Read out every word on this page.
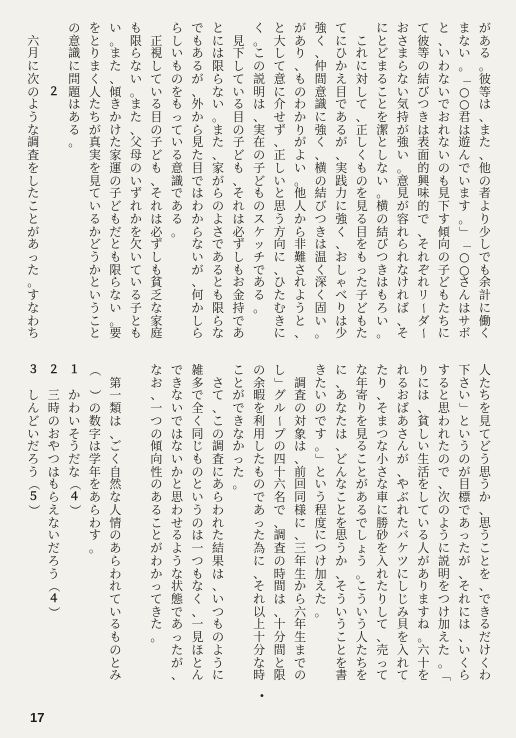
が
あ
る
。
彼
等
は
、
ま
た
、
他
の
者
よ
り
少
し
で
も
余
計
に
働
く
ま
な
い
。
「
○
○
君
は
遊
ん
で
い
ま
す
。
」
「
○
○
さ
ん
は
サ
ボ
と
、
い
わ
な
い
で
お
れ
な
い
の
も
見
下
す
傾
向
の
子
ど
も
た
ち
に
て
彼
等
の
結
び
つ
き
は
表
面
的
興
味
的
で
、
そ
れ
ぞ
れ
リ
ー
ダ
ー
お
さ
ま
ら
な
い
気
持
が
強
い
。
意
見
が
容
れ
ら
れ
な
け
れ
ば
、
そ
に
と
ど
ま
る
こ
と
を
潔
と
し
な
い
。
横
の
結
び
つ
き
は
も
ろ
い
。
こ
れ
に
対
し
て
、
正
し
く
も
の
を
見
る
目
を
も
っ
た
子
ど
も
た
て
に
ひ
か
え
目
で
あ
る
が
、
実
践
力
に
強
く
、
お
し
ゃ
べ
り
は
少
強
く
、
仲
間
意
識
に
強
く
、
横
の
結
び
つ
き
は
温
く
深
く
固
い
。
が
あ
り
、
も
の
わ
か
り
が
よ
い
。
他
人
か
ら
非
難
さ
れ
よ
う
と
、
と
大
し
て
意
に
介
せ
ず
、
正
し
い
と
思
う
方
向
に
、
ひ
た
む
き
に
く
。
こ
の
説
明
は
、
実
在
の
子
ど
も
の
ス
ケ
ッ
チ
で
あ
る
。
見
下
し
て
い
る
目
の
子
ど
も
、
そ
れ
は
必
ず
し
も
お
金
持
で
あ
と
に
は
限
ら
な
い
。
ま
た
、
家
が
ら
の
よ
さ
で
あ
る
と
も
限
ら
な
で
も
あ
る
が
、
外
か
ら
見
た
目
で
は
わ
か
ら
な
い
が
、
何
か
し
ら
ら
し
い
も
の
を
も
っ
て
い
る
意
識
で
あ
る
。
正
視
し
て
い
る
目
の
子
ど
も
、
そ
れ
は
必
ず
し
も
貧
乏
な
家
庭
も
限
ら
な
い
。
ま
た
、
父
母
の
い
ず
れ
か
を
欠
い
て
い
る
子
と
も
い
。
ま
た
、
傾
き
か
け
た
家
運
の
子
ど
も
だ
と
も
限
ら
な
い
。
要
を
と
り
ま
く
人
た
ち
が
真
実
を
見
て
い
る
か
ど
う
か
と
い
う
こ
と
の
意
識
に
問
題
は
あ
る
。
２
六
月
に
次
の
よ
う
な
調
査
を
し
た
こ
と
が
あ
っ
た
。
す
な
わ
ち
人
た
ち
を
見
て
ど
う
思
う
か
、
思
う
こ
と
を
、
で
き
る
だ
け
く
わ
下
さ
い
」
と
い
う
の
が
目
標
で
あ
っ
た
が
、
そ
れ
に
は
、
い
く
ら
す
る
と
思
わ
れ
た
の
で
、
次
の
よ
う
に
説
明
を
つ
け
加
え
た
。
「
り
に
は
、
貧
し
い
生
活
を
し
て
い
る
人
が
あ
り
ま
す
ね
。
六
十
を
れ
る
お
ば
あ
さ
ん
が
、
や
ぶ
れ
た
バ
ケ
ツ
に
し
じ
み
貝
を
入
れ
て
た
り
、
そ
ま
つ
な
小
さ
な
車
に
勝
砂
を
入
れ
た
り
し
て
、
売
っ
て
な
年
寄
り
を
見
る
こ
と
が
あ
る
で
し
ょ
う
。
こ
う
い
う
人
た
ち
を
に
、
あ
な
た
は
、
ど
ん
な
こ
と
を
思
う
か
、
そ
う
い
う
こ
と
を
書
き
た
い
の
で
す
。
」
と
い
う
程
度
に
つ
け
加
え
た
。
調
査
の
対
象
は
、
前
回
同
様
に
、
三
年
生
か
ら
六
年
生
ま
で
の
し
」
グ
ル
ー
プ
の
四
十
六
名
で
、
調
査
の
時
間
は
、
十
分
間
と
限
の
余
暇
を
利
用
し
た
も
の
で
あ
っ
た
為
に
、
そ
れ
以
上
十
分
な
時
こ
と
が
で
き
な
か
っ
た
。
さ
て
、
こ
の
調
査
に
あ
ら
わ
れ
た
結
果
は
、
い
つ
も
の
よ
う
に
雑
多
で
全
く
同
じ
も
の
と
い
う
の
は
一
つ
も
な
く
、
一
見
ほ
と
ん
で
き
な
い
で
は
な
い
か
と
思
わ
せ
る
よ
う
な
状
態
で
あ
っ
た
が
、
な
お
、
一
つ
の
傾
向
性
の
あ
る
こ
と
が
わ
か
っ
て
き
た
。
第
一
類
は
、
ご
く
自
然
な
人
情
の
あ
ら
わ
れ
て
い
る
も
の
と
み
（
）
の
数
字
は
学
年
を
あ
ら
わ
す
。
１
か
わ
い
そ
う
だ
な
（
４
）
２
三
時
の
お
や
つ
は
も
ら
え
な
い
だ
ろ
う
（
４
）
３
し
ん
ど
い
だ
ろ
う
（
５
）
•
17
